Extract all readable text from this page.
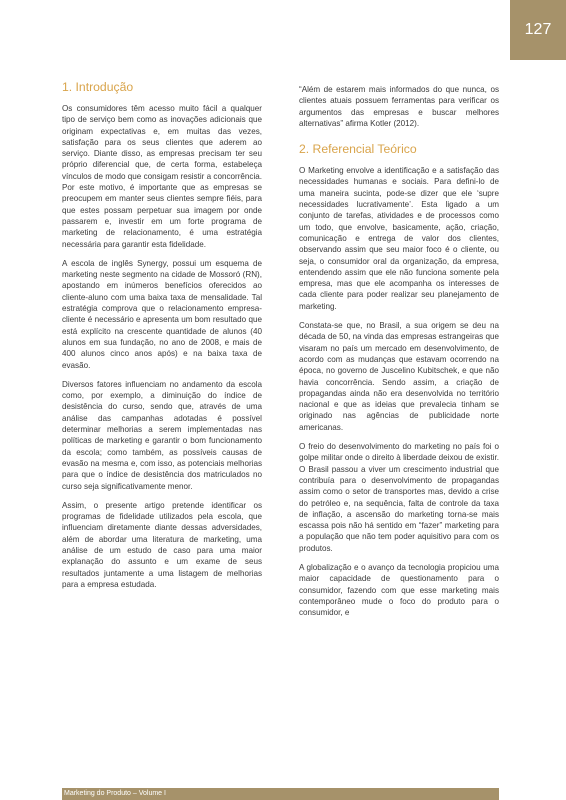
127
1. Introdução

Os consumidores têm acesso muito fácil a qualquer tipo de serviço bem como as inovações adicionais que originam expectativas e, em muitas das vezes, satisfação para os seus clientes que aderem ao serviço. Diante disso, as empresas precisam ter seu próprio diferencial que, de certa forma, estabeleça vínculos de modo que consigam resistir a concorrência. Por este motivo, é importante que as empresas se preocupem em manter seus clientes sempre fiéis, para que estes possam perpetuar sua imagem por onde passarem e, investir em um forte programa de marketing de relacionamento, é uma estratégia necessária para garantir esta fidelidade.

A escola de inglês Synergy, possui um esquema de marketing neste segmento na cidade de Mossoró (RN), apostando em inúmeros benefícios oferecidos ao cliente-aluno com uma baixa taxa de mensalidade. Tal estratégia comprova que o relacionamento empresa-cliente é necessário e apresenta um bom resultado que está explícito na crescente quantidade de alunos (40 alunos em sua fundação, no ano de 2008, e mais de 400 alunos cinco anos após) e na baixa taxa de evasão.

Diversos fatores influenciam no andamento da escola como, por exemplo, a diminuição do índice de desistência do curso, sendo que, através de uma análise das campanhas adotadas é possível determinar melhorias a serem implementadas nas políticas de marketing e garantir o bom funcionamento da escola; como também, as possíveis causas de evasão na mesma e, com isso, as potenciais melhorias para que o índice de desistência dos matriculados no curso seja significativamente menor.

Assim, o presente artigo pretende identificar os programas de fidelidade utilizados pela escola, que influenciam diretamente diante dessas adversidades, além de abordar uma literatura de marketing, uma análise de um estudo de caso para uma maior explanação do assunto e um exame de seus resultados juntamente a uma listagem de melhorias para a empresa estudada.

“Além de estarem mais informados do que nunca, os clientes atuais possuem ferramentas para verificar os argumentos das empresas e buscar melhores alternativas” afirma Kotler (2012).

2. Referencial Teórico

O Marketing envolve a identificação e a satisfação das necessidades humanas e sociais. Para defini-lo de uma maneira sucinta, pode-se dizer que ele ‘supre necessidades lucrativamente’. Esta ligado a um conjunto de tarefas, atividades e de processos como um todo, que envolve, basicamente, ação, criação, comunicação e entrega de valor dos clientes, observando assim que seu maior foco é o cliente, ou seja, o consumidor oral da organização, da empresa, entendendo assim que ele não funciona somente pela empresa, mas que ele acompanha os interesses de cada cliente para poder realizar seu planejamento de marketing.

Constata-se que, no Brasil, a sua origem se deu na década de 50, na vinda das empresas estrangeiras que visaram no país um mercado em desenvolvimento, de acordo com as mudanças que estavam ocorrendo na época, no governo de Juscelino Kubitschek, e que não havia concorrência. Sendo assim, a criação de propagandas ainda não era desenvolvida no território nacional e que as ideias que prevalecia tinham se originado nas agências de publicidade norte americanas.

O freio do desenvolvimento do marketing no país foi o golpe militar onde o direito à liberdade deixou de existir. O Brasil passou a viver um crescimento industrial que contribuía para o desenvolvimento de propagandas assim como o setor de transportes mas, devido a crise do petróleo e, na sequência, falta de controle da taxa de inflação, a ascensão do marketing torna-se mais escassa pois não há sentido em “fazer” marketing para a população que não tem poder aquisitivo para com os produtos.

A globalização e o avanço da tecnologia propiciou uma maior capacidade de questionamento para o consumidor, fazendo com que esse marketing mais contemporâneo mude o foco do produto para o consumidor, e

Marketing do Produto – Volume I
